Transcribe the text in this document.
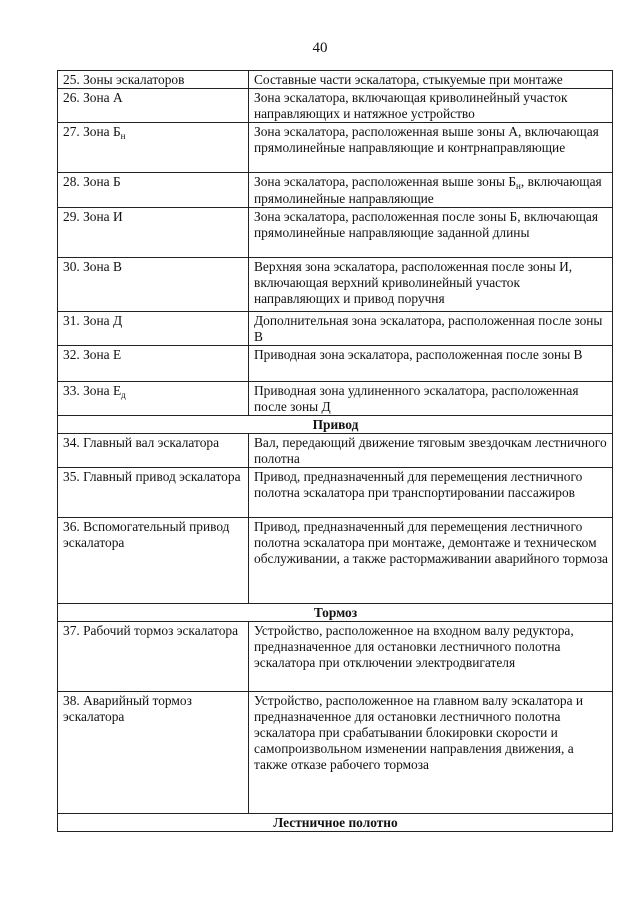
40
25. Зоны эскалаторов	Составные части эскалатора, стыкуемые при монтаже
26. Зона А	Зона эскалатора, включающая криволинейный участок направляющих и натяжное устройство
27. Зона $Б_н$	Зона эскалатора, расположенная выше зоны А, включающая прямолинейные направляющие и контрнаправляющие
28. Зона Б	Зона эскалатора, расположенная выше зоны $Б_н$, включающая прямолинейные направляющие
29. Зона И	Зона эскалатора, расположенная после зоны Б, включающая прямолинейные направляющие заданной длины
30. Зона В	Верхняя зона эскалатора, расположенная после зоны И, включающая верхний криволинейный участок направляющих и привод поручня
31. Зона Д	Дополнительная зона эскалатора, расположенная после зоны В
32. Зона Е	Приводная зона эскалатора, расположенная после зоны В
33. Зона $Е_д$	Приводная зона удлиненного эскалатора, расположенная после зоны Д
Привод	
34. Главный вал эскалатора	Вал, передающий движение тяговым звездочкам лестничного полотна
35. Главный привод эскалатора	Привод, предназначенный для перемещения лестничного полотна эскалатора при транспортировании пассажиров
36. Вспомогательный привод эскалатора	Привод, предназначенный для перемещения лестничного полотна эскалатора при монтаже, демонтаже и техническом обслуживании, а также растормаживании аварийного тормоза
Тормоз	
37. Рабочий тормоз эскалатора	Устройство, расположенное на входном валу редуктора, предназначенное для остановки лестничного полотна эскалатора при отключении электродвигателя
38. Аварийный тормоз эскалатора	Устройство, расположенное на главном валу эскалатора и предназначенное для остановки лестничного полотна эскалатора при срабатывании блокировки скорости и самопроизвольном изменении направления движения, а также отказе рабочего тормоза
Лестничное полотно	
